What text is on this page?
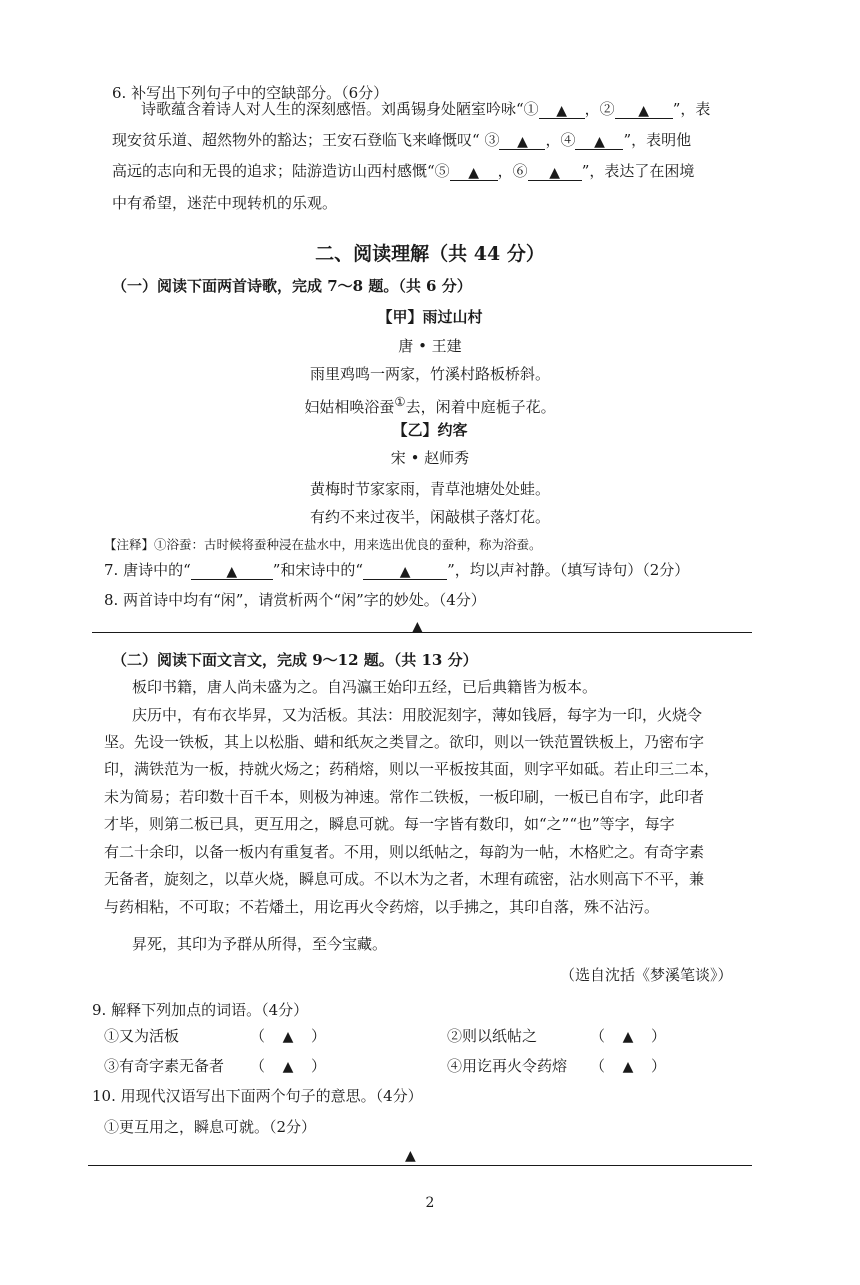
6. 补写出下列句子中的空缺部分。（6分）
诗歌蕴含着诗人对人生的深刻感悟。刘禹锡身处陋室吟咏“① ▲ ，② ▲ ”，表
现安贫乐道、超然物外的豁达；王安石登临飞来峰慨叹“ ③ ▲ ，④ ▲ ”，表明他
高远的志向和无畏的追求；陆游造访山西村感慨“⑤ ▲ ，⑥ ▲ ”，表达了在困境
中有希望，迷茫中现转机的乐观。
二、阅读理解（共 44 分）
（一）阅读下面两首诗歌，完成 7～8 题。（共 6 分）
【甲】雨过山村
唐 • 王建
雨里鸡鸣一两家，竹溪村路板桥斜。
妇姑相唤浴蚕①去，闲着中庭栀子花。
【乙】约客
宋 • 赵师秀
黄梅时节家家雨，青草池塘处处蛙。
有约不来过夜半，闲敲棋子落灯花。
【注释】①浴蚕：古时候将蚕种浸在盐水中，用来选出优良的蚕种，称为浴蚕。
7. 唐诗中的“	▲ ”和宋诗中的“	▲ ”，均以声衬静。（填写诗句）（2分）
8. 两首诗中均有“闲”，请赏析两个“闲”字的妙处。（4分）
▲
（二）阅读下面文言文，完成 9～12 题。（共 13 分）
板印书籍，唐人尚未盛为之。自冯瀛王始印五经，已后典籍皆为板本。
庆历中，有布衣毕昇，又为活板。其法：用胶泥刻字，薄如钱唇，每字为一印，火烧令
坚。先设一铁板，其上以松脂、蜡和纸灰之类冒之。欲印，则以一铁范置铁板上，乃密布字
印，满铁范为一板，持就火炀之；药稍熔，则以一平板按其面，则字平如砥。若止印三二本，
未为简易；若印数十百千本，则极为神速。常作二铁板，一板印刷，一板已自布字，此印者
才毕，则第二板已具，更互用之，瞬息可就。每一字皆有数印，如“之”“也”等字，每字
有二十余印，以备一板内有重复者。不用，则以纸帖之，每韵为一帖，木格贮之。有奇字素
无备者，旋刻之，以草火烧，瞬息可成。不以木为之者，木理有疏密，沾水则高下不平，兼
与药相粘，不可取；不若燔土，用讫再火令药熔，以手拂之，其印自落，殊不沾污。
昇死，其印为予群从所得，至今宝藏。
（选自沈括《梦溪笔谈》）
9. 解释下列加点的词语。（4分）
①又为活板	（ ▲ ）	②则以纸帖之	（ ▲ ）
③有奇字素无备者 （ ▲ ）	④用讫再火令药熔 （ ▲ ）
10. 用现代汉语写出下面两个句子的意思。（4分）
①更互用之，瞬息可就。（2分）
▲
2
